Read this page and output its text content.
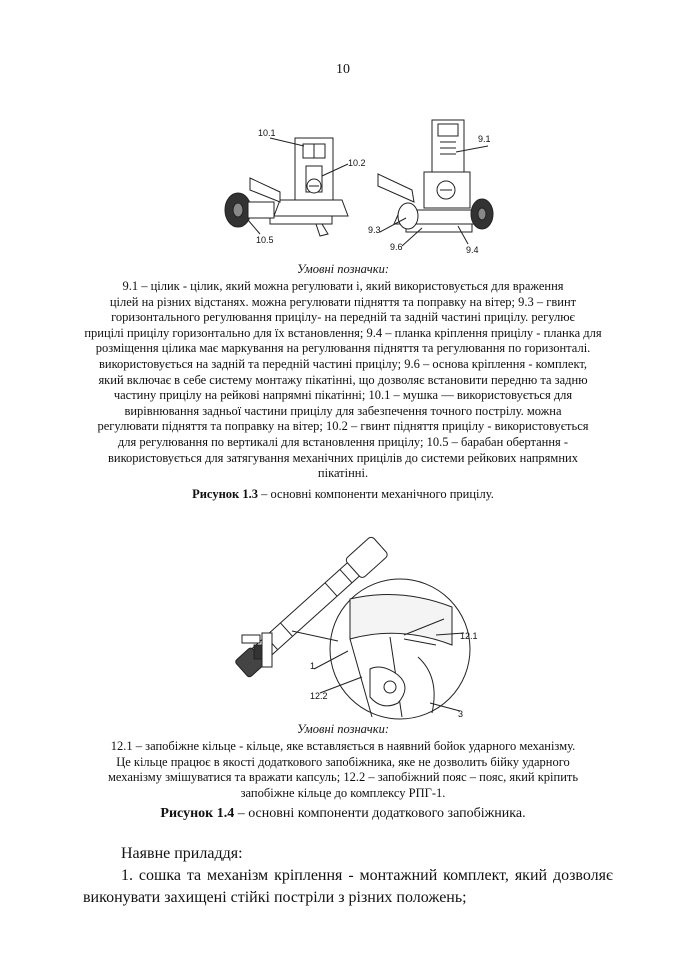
10
10.1
10.2
10.5
9.1
9.3
9.6	9.4
Умовні позначки:
9.1 – цілик - цілик, який можна регулювати і, який використовується для враження
цілей на різних відстанях. можна регулювати підняття та поправку на вітер; 9.3 – гвинт
горизонтального регулювання прицілу- на передній та задній частині прицілу. регулює
прицілі прицілу горизонтально для їх встановлення; 9.4 – планка кріплення прицілу - планка для
розміщення цілика має маркування на регулювання підняття та регулювання по горизонталі.
використовується на задній та передній частині прицілу; 9.6 – основа кріплення - комплект,
який включає в себе систему монтажу пікатінні, що дозволяє встановити передню та задню
частину прицілу на рейкові напрямні пікатінні; 10.1 – мушка — використовується для
вирівнювання задньої частини прицілу для забезпечення точного пострілу. можна
регулювати підняття та поправку на вітер; 10.2 – гвинт підняття прицілу - використовується
для регулювання по вертикалі для встановлення прицілу; 10.5 – барабан обертання -
використовується для затягування механічних прицілів до системи рейкових напрямних
пікатінні.
Рисунок 1.3 – основні компоненти механічного прицілу.
1
12.2
12.1
3
Умовні позначки:
12.1 – запобіжне кільце - кільце, яке вставляється в наявний бойок ударного механізму.
Це кільце працює в якості додаткового запобіжника, яке не дозволить бійку ударного
механізму змішуватися та вражати капсуль; 12.2 – запобіжний пояс – пояс, який кріпить
запобіжне кільце до комплексу РПГ-1.
Рисунок 1.4 – основні компоненти додаткового запобіжника.
Наявне приладдя:
1. сошка та механізм кріплення - монтажний комплект, який дозволяє
виконувати захищені стійкі постріли з різних положень;
